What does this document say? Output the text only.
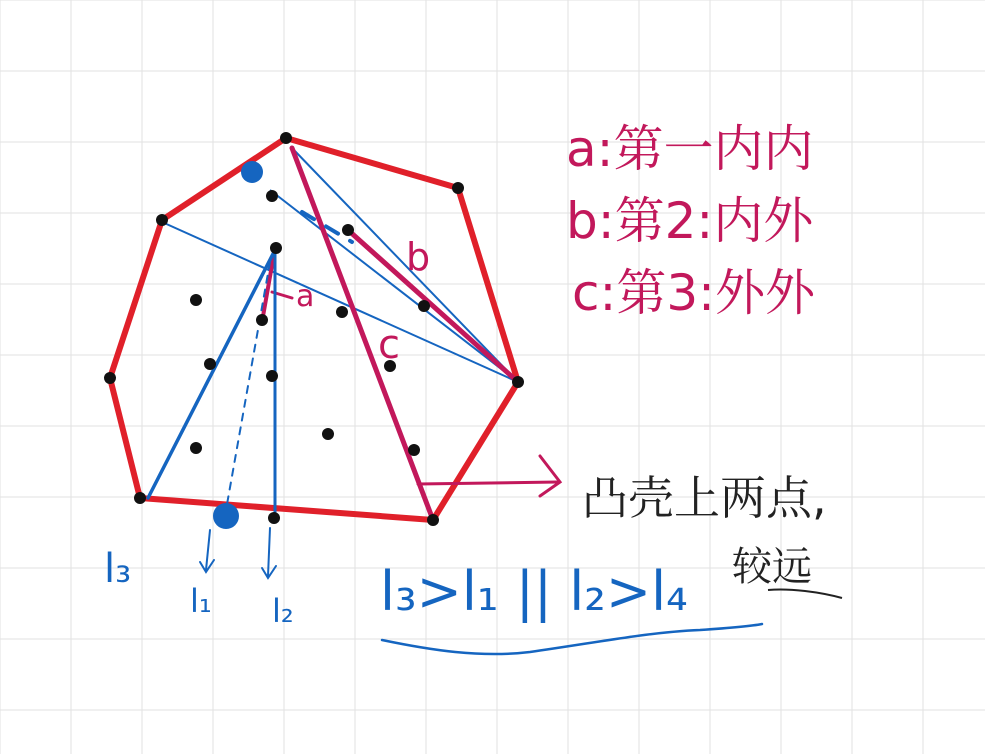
a
b
c
a:第一内内
b:第2:内外
c:第3:外外
凸壳上两点,
较远
l₃
l₁ l₂ l₃>l₁ || l₂>l₄
